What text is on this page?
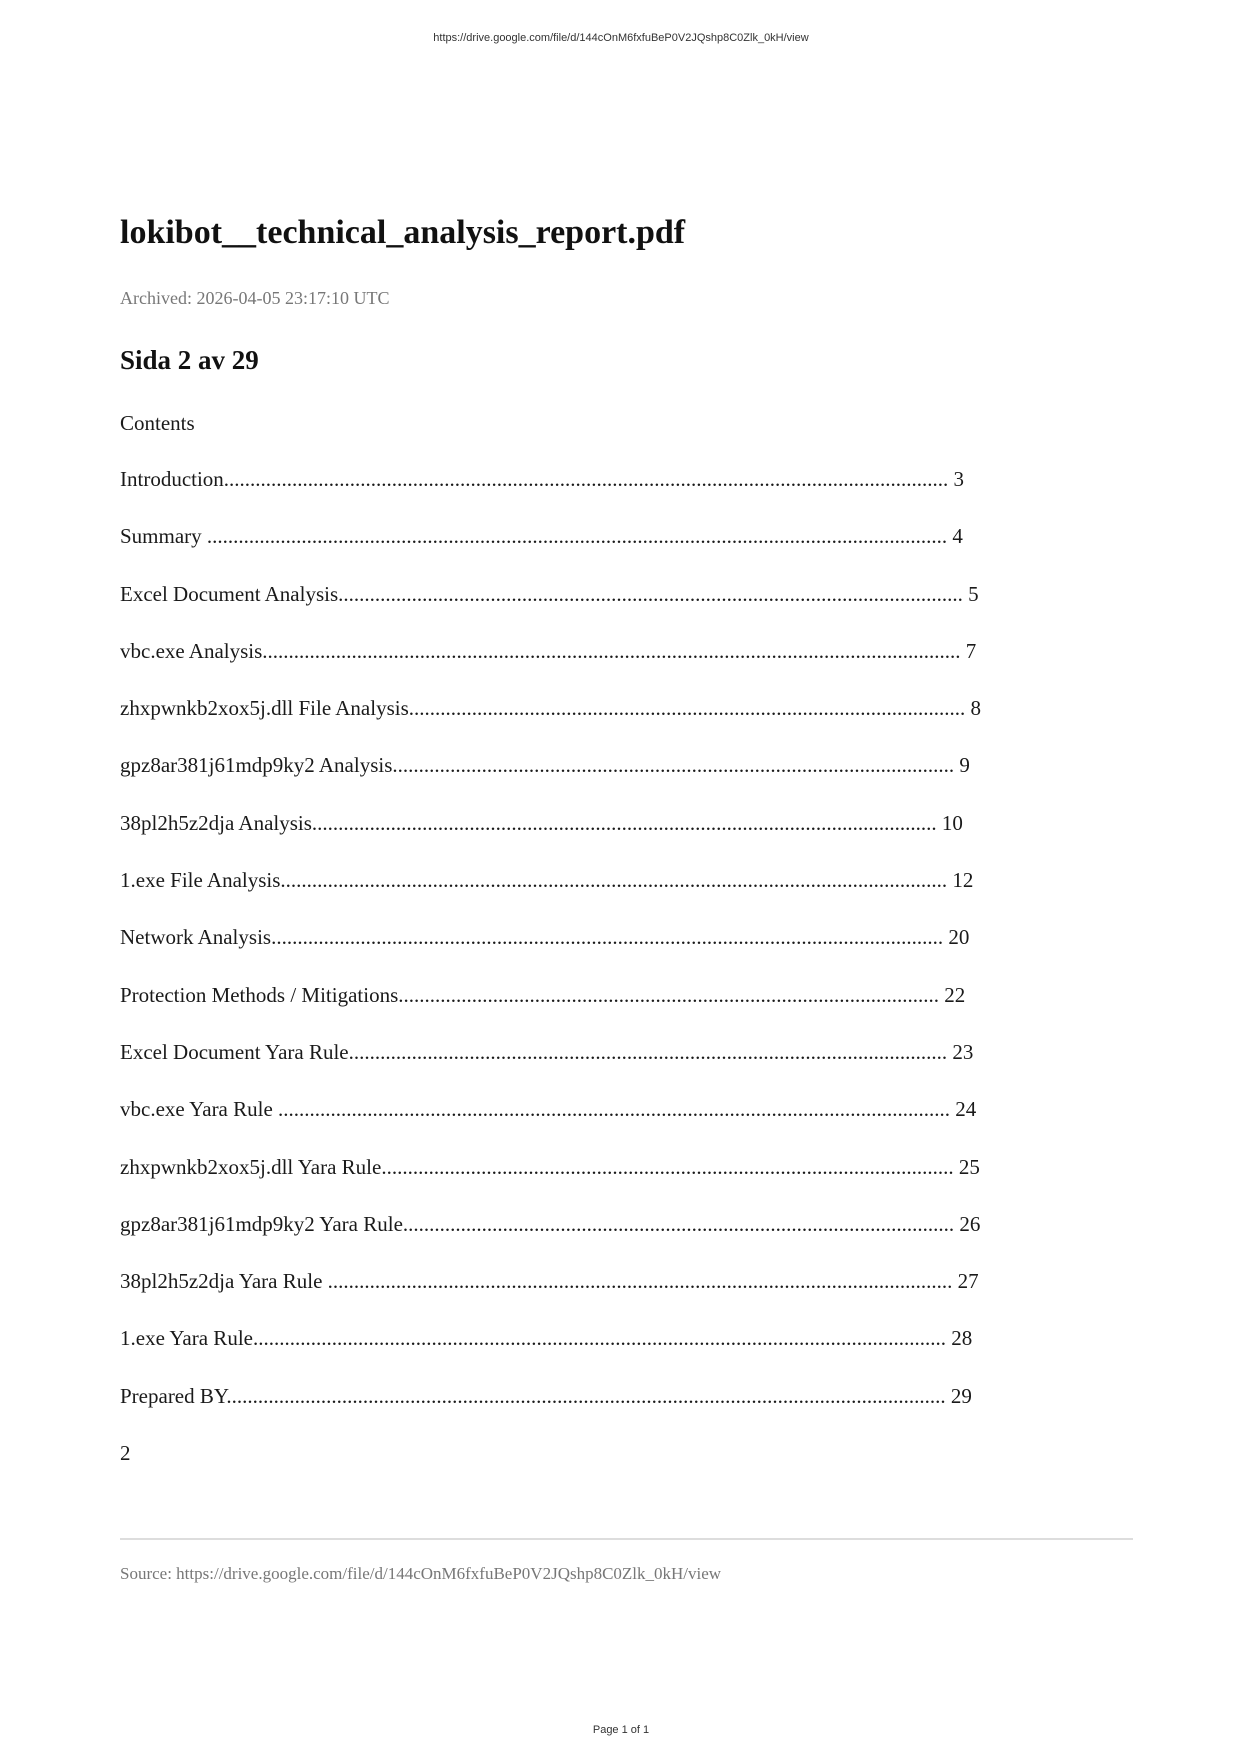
https://drive.google.com/file/d/144cOnM6fxfuBeP0V2JQshp8C0Zlk_0kH/view
lokibot__technical_analysis_report.pdf
Archived: 2026-04-05 23:17:10 UTC
Sida 2 av 29
Contents
Introduction.......................................................................................................................................... 3
Summary ............................................................................................................................................. 4
Excel Document Analysis....................................................................................................................... 5
vbc.exe Analysis..................................................................................................................................... 7
zhxpwnkb2xox5j.dll File Analysis.......................................................................................................... 8
gpz8ar381j61mdp9ky2 Analysis........................................................................................................... 9
38pl2h5z2dja Analysis....................................................................................................................... 10
1.exe File Analysis............................................................................................................................... 12
Network Analysis................................................................................................................................ 20
Protection Methods / Mitigations....................................................................................................... 22
Excel Document Yara Rule.................................................................................................................. 23
vbc.exe Yara Rule ................................................................................................................................ 24
zhxpwnkb2xox5j.dll Yara Rule............................................................................................................. 25
gpz8ar381j61mdp9ky2 Yara Rule......................................................................................................... 26
38pl2h5z2dja Yara Rule ....................................................................................................................... 27
1.exe Yara Rule.................................................................................................................................... 28
Prepared BY......................................................................................................................................... 29
2
Source: https://drive.google.com/file/d/144cOnM6fxfuBeP0V2JQshp8C0Zlk_0kH/view
Page 1 of 1
